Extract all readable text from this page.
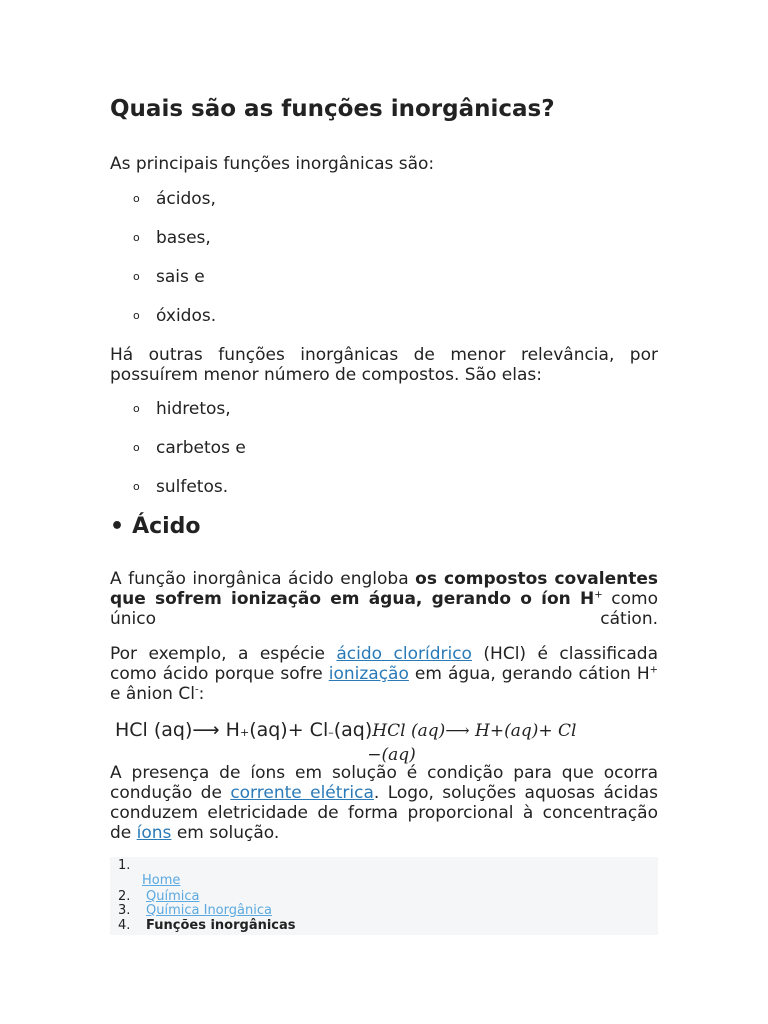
Quais são as funções inorgânicas?

As principais funções inorgânicas são:

o ácidos,
o bases,
o sais e
o óxidos.

Há outras funções inorgânicas de menor relevância, por possuírem menor número de compostos. São elas:

o hidretos,
o carbetos e
o sulfetos.
• Ácido

A função inorgânica ácido engloba os compostos covalentes que sofrem ionização em água, gerando o íon H+ como único cátion.

Por exemplo, a espécie ácido clorídrico (HCl) é classificada como ácido porque sofre ionização em água, gerando cátion H+ e ânion Cl-:

HCl (aq)⟶ H+(aq)+ Cl–(aq)HCl (aq)⟶ H+(aq)+ Cl
−(aq)

A presença de íons em solução é condição para que ocorra condução de corrente elétrica. Logo, soluções aquosas ácidas conduzem eletricidade de forma proporcional à concentração de íons em solução.

1.
Home
2. Química
3. Química Inorgânica
4. Funções inorgânicas
